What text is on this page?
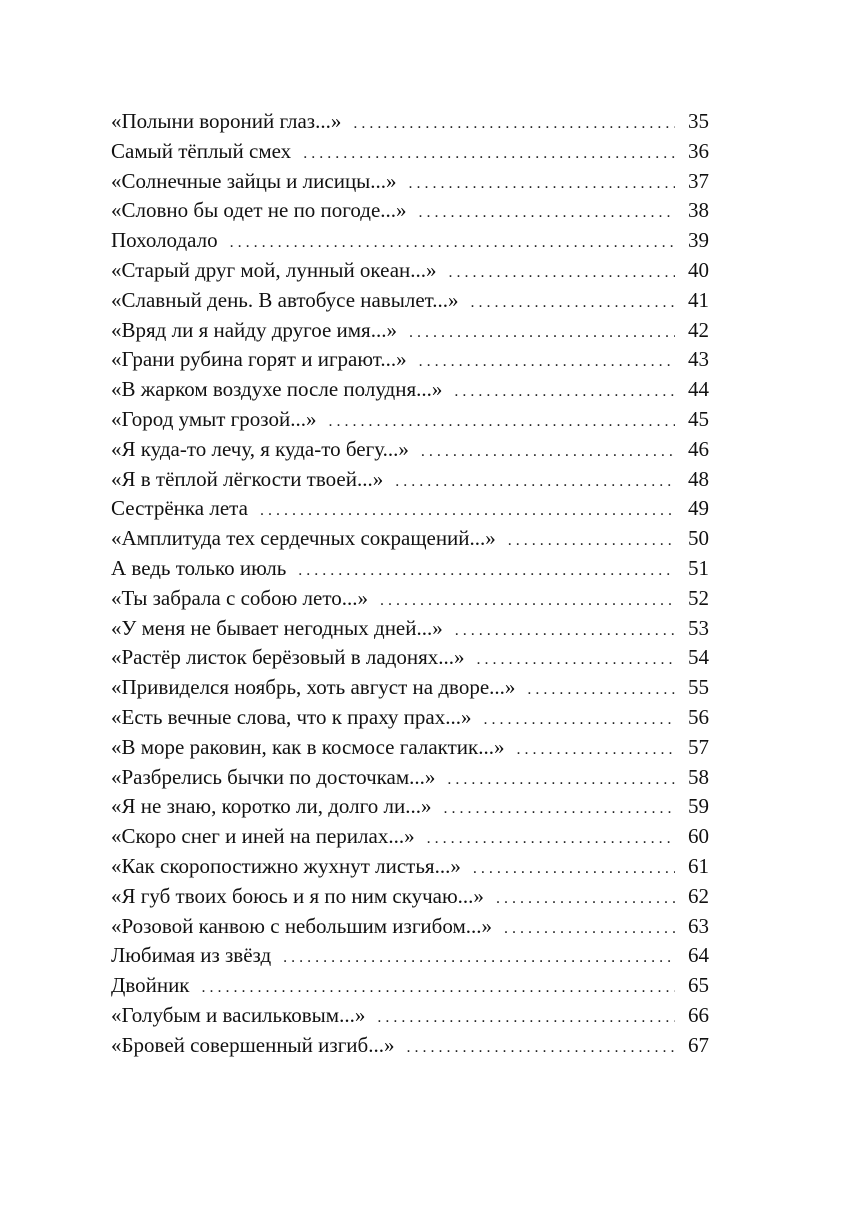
«Полыни вороний глаз...» . . .	35
Самый тёплый смех . . .	36
«Солнечные зайцы и лисицы...» . . .	37
«Словно бы одет не по погоде...» . . .	38
Похолодало . . .	39
«Старый друг мой, лунный океан...» . . .	40
«Славный день. В автобусе навылет...» . . .	41
«Вряд ли я найду другое имя...» . . .	42
«Грани рубина горят и играют...» . . .	43
«В жарком воздухе после полудня...» . . .	44
«Город умыт грозой...» . . .	45
«Я куда-то лечу, я куда-то бегу...» . . .	46
«Я в тёплой лёгкости твоей...» . . .	48
Сестрёнка лета . . .	49
«Амплитуда тех сердечных сокращений...» . . .	50
А ведь только июль . . .	51
«Ты забрала с собою лето...» . . .	52
«У меня не бывает негодных дней...» . . .	53
«Растёр листок берёзовый в ладонях...» . . .	54
«Привиделся ноябрь, хоть август на дворе...» . . .	55
«Есть вечные слова, что к праху прах...» . . .	56
«В море раковин, как в космосе галактик...» . . .	57
«Разбрелись бычки по досточкам...» . . .	58
«Я не знаю, коротко ли, долго ли...» . . .	59
«Скоро снег и иней на перилах...» . . .	60
«Как скоропостижно жухнут листья...» . . .	61
«Я губ твоих боюсь и я по ним скучаю...» . . .	62
«Розовой канвою с небольшим изгибом...» . . .	63
Любимая из звёзд . . .	64
Двойник . . .	65
«Голубым и васильковым...» . . .	66
«Бровей совершенный изгиб...» . . .	67
